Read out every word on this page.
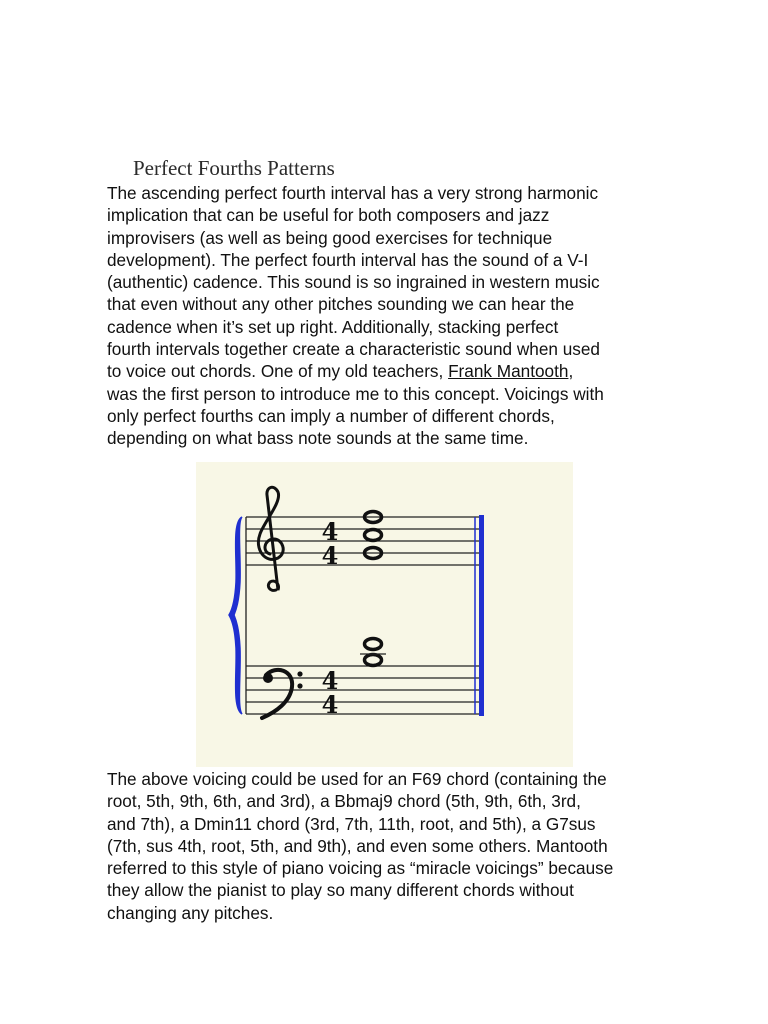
Perfect Fourths Patterns

The ascending perfect fourth interval has a very strong harmonic
implication that can be useful for both composers and jazz
improvisers (as well as being good exercises for technique
development). The perfect fourth interval has the sound of a V-I
(authentic) cadence. This sound is so ingrained in western music
that even without any other pitches sounding we can hear the
cadence when it’s set up right. Additionally, stacking perfect
fourth intervals together create a characteristic sound when used
to voice out chords. One of my old teachers, Frank Mantooth,
was the first person to introduce me to this concept. Voicings with
only perfect fourths can imply a number of different chords,
depending on what bass note sounds at the same time.

4
4
4
4

The above voicing could be used for an F69 chord (containing the
root, 5th, 9th, 6th, and 3rd), a Bbmaj9 chord (5th, 9th, 6th, 3rd,
and 7th), a Dmin11 chord (3rd, 7th, 11th, root, and 5th), a G7sus
(7th, sus 4th, root, 5th, and 9th), and even some others. Mantooth
referred to this style of piano voicing as “miracle voicings” because
they allow the pianist to play so many different chords without
changing any pitches.
